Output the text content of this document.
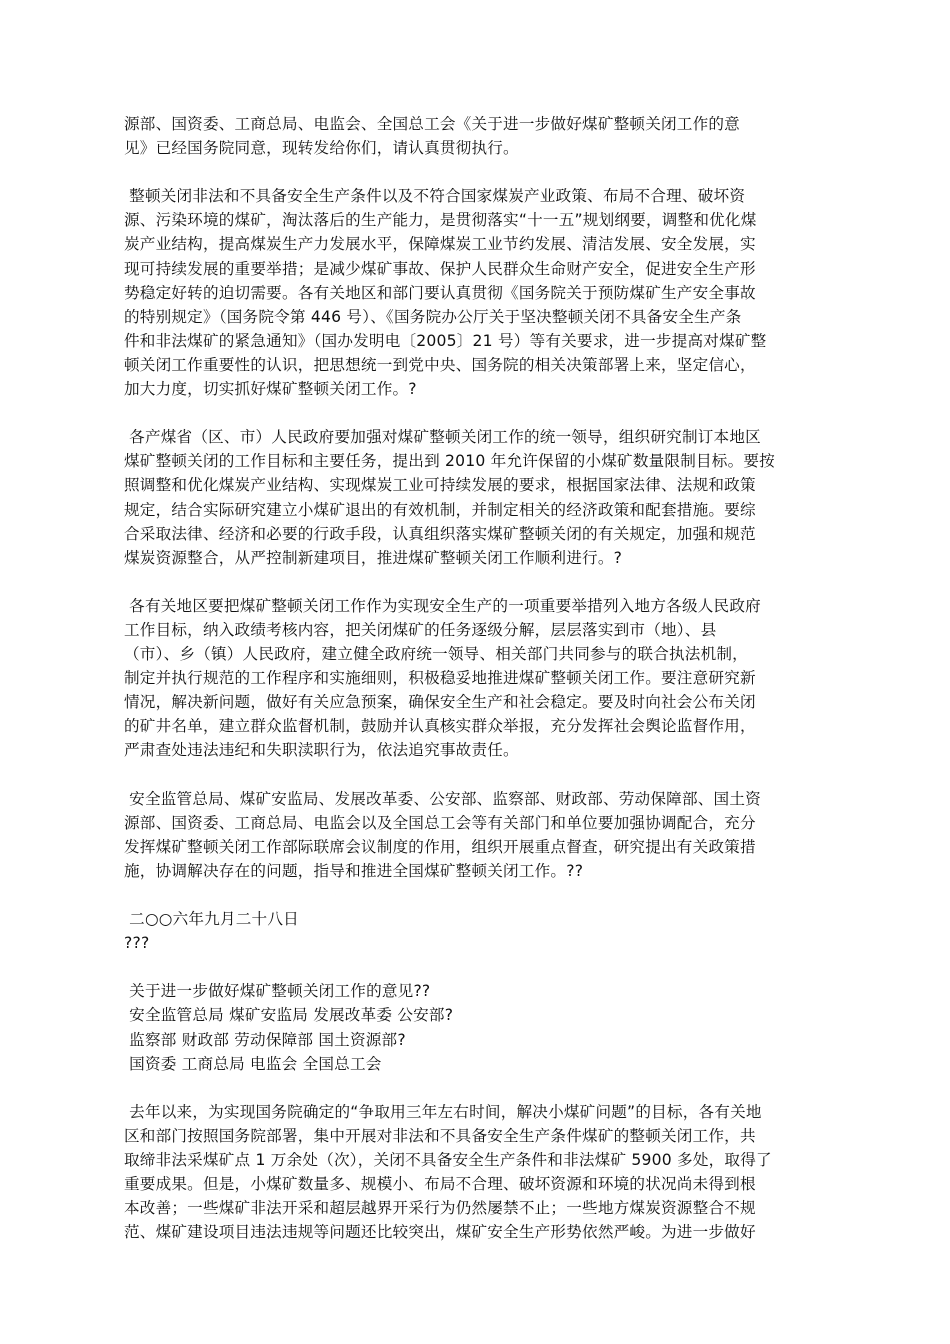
源部、国资委、工商总局、电监会、全国总工会《关于进一步做好煤矿整顿关闭工作的意
见》已经国务院同意，现转发给你们，请认真贯彻执行。
整顿关闭非法和不具备安全生产条件以及不符合国家煤炭产业政策、布局不合理、破坏资
源、污染环境的煤矿，淘汰落后的生产能力，是贯彻落实“十一五”规划纲要，调整和优化煤
炭产业结构，提高煤炭生产力发展水平，保障煤炭工业节约发展、清洁发展、安全发展，实
现可持续发展的重要举措；是减少煤矿事故、保护人民群众生命财产安全，促进安全生产形
势稳定好转的迫切需要。各有关地区和部门要认真贯彻《国务院关于预防煤矿生产安全事故
的特别规定》（国务院令第 446 号）、《国务院办公厅关于坚决整顿关闭不具备安全生产条
件和非法煤矿的紧急通知》（国办发明电〔2005〕21 号）等有关要求，进一步提高对煤矿整
顿关闭工作重要性的认识，把思想统一到党中央、国务院的相关决策部署上来，坚定信心，
加大力度，切实抓好煤矿整顿关闭工作。?
各产煤省（区、市）人民政府要加强对煤矿整顿关闭工作的统一领导，组织研究制订本地区
煤矿整顿关闭的工作目标和主要任务，提出到 2010 年允许保留的小煤矿数量限制目标。要按
照调整和优化煤炭产业结构、实现煤炭工业可持续发展的要求，根据国家法律、法规和政策
规定，结合实际研究建立小煤矿退出的有效机制，并制定相关的经济政策和配套措施。要综
合采取法律、经济和必要的行政手段，认真组织落实煤矿整顿关闭的有关规定，加强和规范
煤炭资源整合，从严控制新建项目，推进煤矿整顿关闭工作顺利进行。?
各有关地区要把煤矿整顿关闭工作作为实现安全生产的一项重要举措列入地方各级人民政府
工作目标，纳入政绩考核内容，把关闭煤矿的任务逐级分解，层层落实到市（地）、县
（市）、乡（镇）人民政府，建立健全政府统一领导、相关部门共同参与的联合执法机制，
制定并执行规范的工作程序和实施细则，积极稳妥地推进煤矿整顿关闭工作。要注意研究新
情况，解决新问题，做好有关应急预案，确保安全生产和社会稳定。要及时向社会公布关闭
的矿井名单，建立群众监督机制，鼓励并认真核实群众举报，充分发挥社会舆论监督作用，
严肃查处违法违纪和失职渎职行为，依法追究事故责任。
安全监管总局、煤矿安监局、发展改革委、公安部、监察部、财政部、劳动保障部、国土资
源部、国资委、工商总局、电监会以及全国总工会等有关部门和单位要加强协调配合，充分
发挥煤矿整顿关闭工作部际联席会议制度的作用，组织开展重点督查，研究提出有关政策措
施，协调解决存在的问题，指导和推进全国煤矿整顿关闭工作。??
二○○六年九月二十八日
???
关于进一步做好煤矿整顿关闭工作的意见??
安全监管总局 煤矿安监局 发展改革委 公安部?
监察部 财政部 劳动保障部 国土资源部?
国资委 工商总局 电监会 全国总工会
去年以来，为实现国务院确定的“争取用三年左右时间，解决小煤矿问题”的目标，各有关地
区和部门按照国务院部署，集中开展对非法和不具备安全生产条件煤矿的整顿关闭工作，共
取缔非法采煤矿点 1 万余处（次），关闭不具备安全生产条件和非法煤矿 5900 多处，取得了
重要成果。但是，小煤矿数量多、规模小、布局不合理、破坏资源和环境的状况尚未得到根
本改善；一些煤矿非法开采和超层越界开采行为仍然屡禁不止；一些地方煤炭资源整合不规
范、煤矿建设项目违法违规等问题还比较突出，煤矿安全生产形势依然严峻。为进一步做好
